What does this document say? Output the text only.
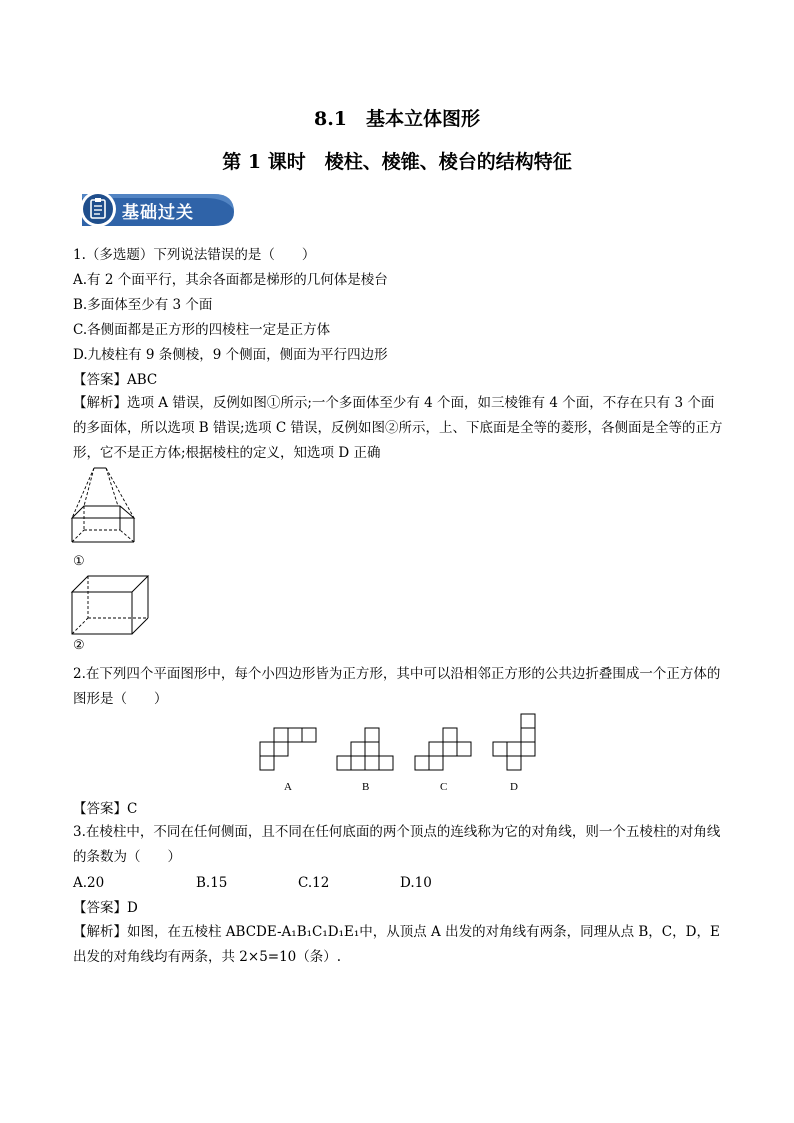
8.1　基本立体图形
第 1 课时　棱柱、棱锥、棱台的结构特征
基础过关
1.（多选题）下列说法错误的是（　　）
A.有 2 个面平行，其余各面都是梯形的几何体是棱台
B.多面体至少有 3 个面
C.各侧面都是正方形的四棱柱一定是正方体
D.九棱柱有 9 条侧棱，9 个侧面，侧面为平行四边形
【答案】ABC
【解析】选项 A 错误，反例如图①所示;一个多面体至少有 4 个面，如三棱锥有 4 个面，不存在只有 3 个面的多面体，所以选项 B 错误;选项 C 错误，反例如图②所示，上、下底面是全等的菱形，各侧面是全等的正方形，它不是正方体;根据棱柱的定义，知选项 D 正确
①
②
2.在下列四个平面图形中，每个小四边形皆为正方形，其中可以沿相邻正方形的公共边折叠围成一个正方体的图形是（　　）
A	B	C	D
【答案】C
3.在棱柱中，不同在任何侧面，且不同在任何底面的两个顶点的连线称为它的对角线，则一个五棱柱的对角线的条数为（　　）
A.20	B.15	C.12	D.10
【答案】D
【解析】如图，在五棱柱 ABCDE-A₁B₁C₁D₁E₁中，从顶点 A 出发的对角线有两条，同理从点 B，C，D，E 出发的对角线均有两条，共 2×5=10（条）.
